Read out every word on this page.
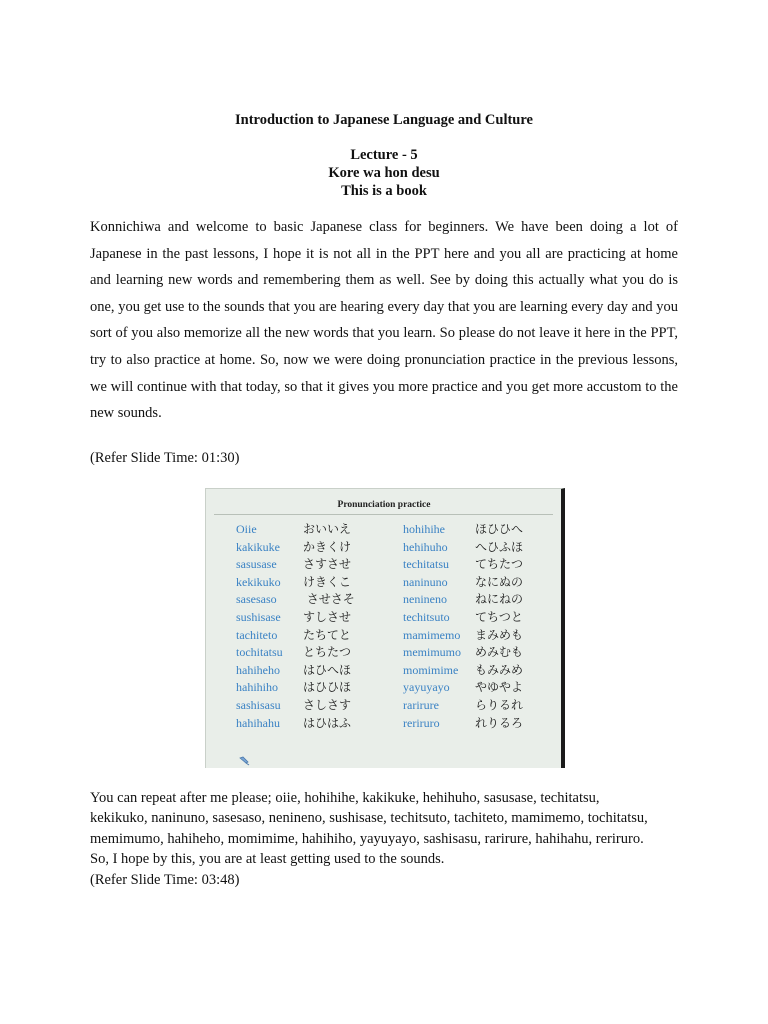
Introduction to Japanese Language and Culture
Lecture - 5
Kore wa hon desu
This is a book

Konnichiwa and welcome to basic Japanese class for beginners. We have been doing a lot of Japanese in the past lessons, I hope it is not all in the PPT here and you all are practicing at home and learning new words and remembering them as well. See by doing this actually what you do is one, you get use to the sounds that you are hearing every day that you are learning every day and you sort of you also memorize all the new words that you learn. So please do not leave it here in the PPT, try to also practice at home. So, now we were doing pronunciation practice in the previous lessons, we will continue with that today, so that it gives you more practice and you get more accustom to the new sounds.

(Refer Slide Time: 01:30)

Pronunciation practice
Oiie
kakikuke
sasusase
kekikuko
sasesaso
sushisase
tachiteto
tochitatsu
hahiheho
hahihiho
sashisasu
hahihahu
おいいえ
かきくけ
さすさせ
けきくこ
させさそ
すしさせ
たちてと
とちたつ
はひへほ
はひひほ
さしさす
はひはふ
hohihihe
hehihuho
techitatsu
naninuno
nenineno
techitsuto
mamimemo
memimumo
momimime
yayuyayo
rarirure
reriruro
ほひひへ
へひふほ
てちたつ
なにぬの
ねにねの
てちつと
まみめも
めみむも
もみみめ
やゆやよ
らりるれ
れりるろ
You can repeat after me please; oiie, hohihihe, kakikuke, hehihuho, sasusase, techitatsu,
kekikuko, naninuno, sasesaso, nenineno, sushisase, techitsuto, tachiteto, mamimemo, tochitatsu,
memimumo, hahiheho, momimime, hahihiho, yayuyayo, sashisasu, rarirure, hahihahu, reriruro.
So, I hope by this, you are at least getting used to the sounds.
(Refer Slide Time: 03:48)
